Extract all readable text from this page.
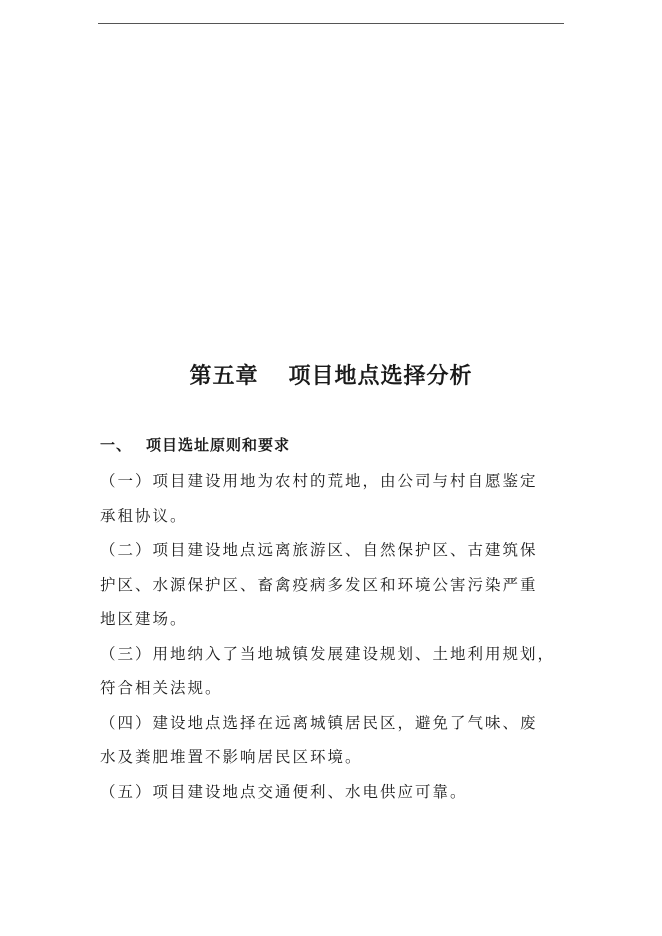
第五章 项目地点选择分析
一、 项目选址原则和要求

（一）项目建设用地为农村的荒地，由公司与村自愿鉴定
承租协议。

（二）项目建设地点远离旅游区、自然保护区、古建筑保
护区、水源保护区、畜禽疫病多发区和环境公害污染严重
地区建场。

（三）用地纳入了当地城镇发展建设规划、土地利用规划，
符合相关法规。

（四）建设地点选择在远离城镇居民区，避免了气味、废
水及粪肥堆置不影响居民区环境。

（五）项目建设地点交通便利、水电供应可靠。
